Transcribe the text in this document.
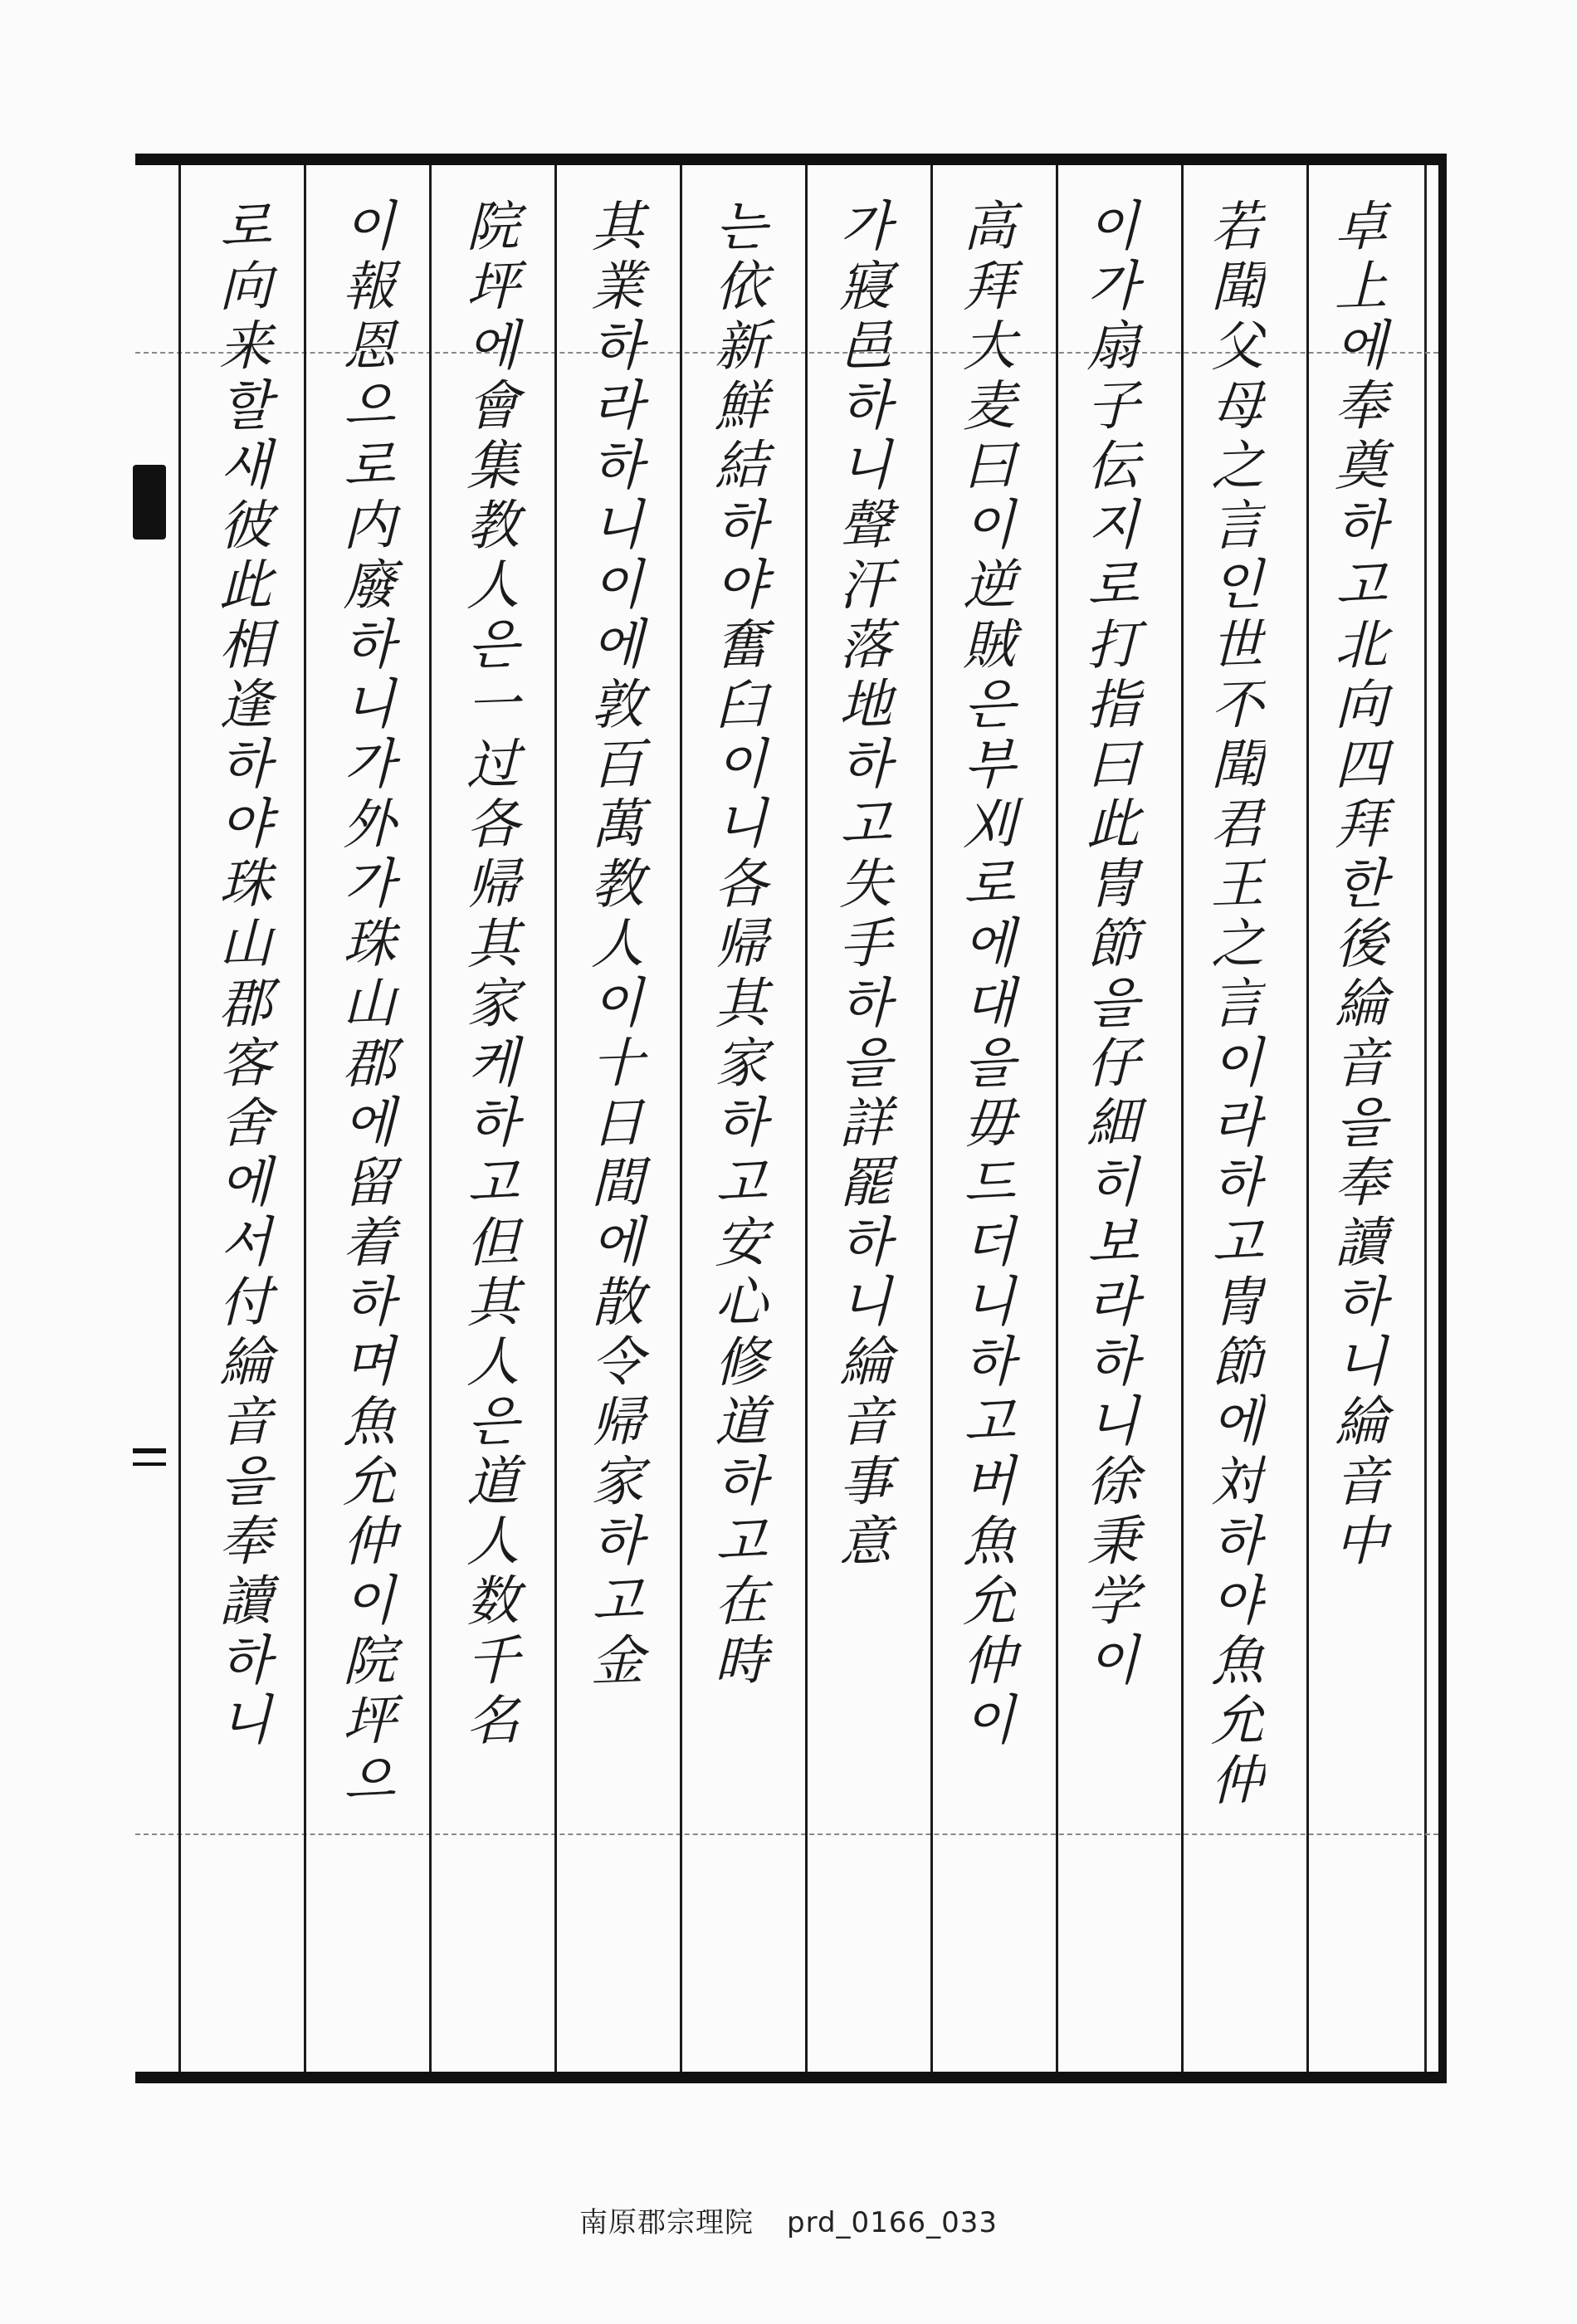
卓上에奉奠하고北向四拜한後綸音을奉讀하니綸音中
若聞父母之言인世不聞君王之言이라하고冑節에対하야魚允仲
이가扇子伝지로打指曰此冑節을仔細히보라하니徐秉学이
高拜大麦曰이逆賊은부刈로에대을毋드더니하고버魚允仲이
가寢邑하니聲汗落地하고失手하을詳罷하니綸音事意
는依新鮮結하야奮臼이니各帰其家하고安心修道하고在時
其業하라하니이에敦百萬教人이十日間에散令帰家하고金
院坪에會集教人은一过各帰其家케하고但其人은道人数千名
이報恩으로内廢하니가外가珠山郡에留着하며魚允仲이院坪으
로向来할새彼此相逢하야珠山郡客舍에서付綸音을奉讀하니
南原郡宗理院 prd_0166_033
